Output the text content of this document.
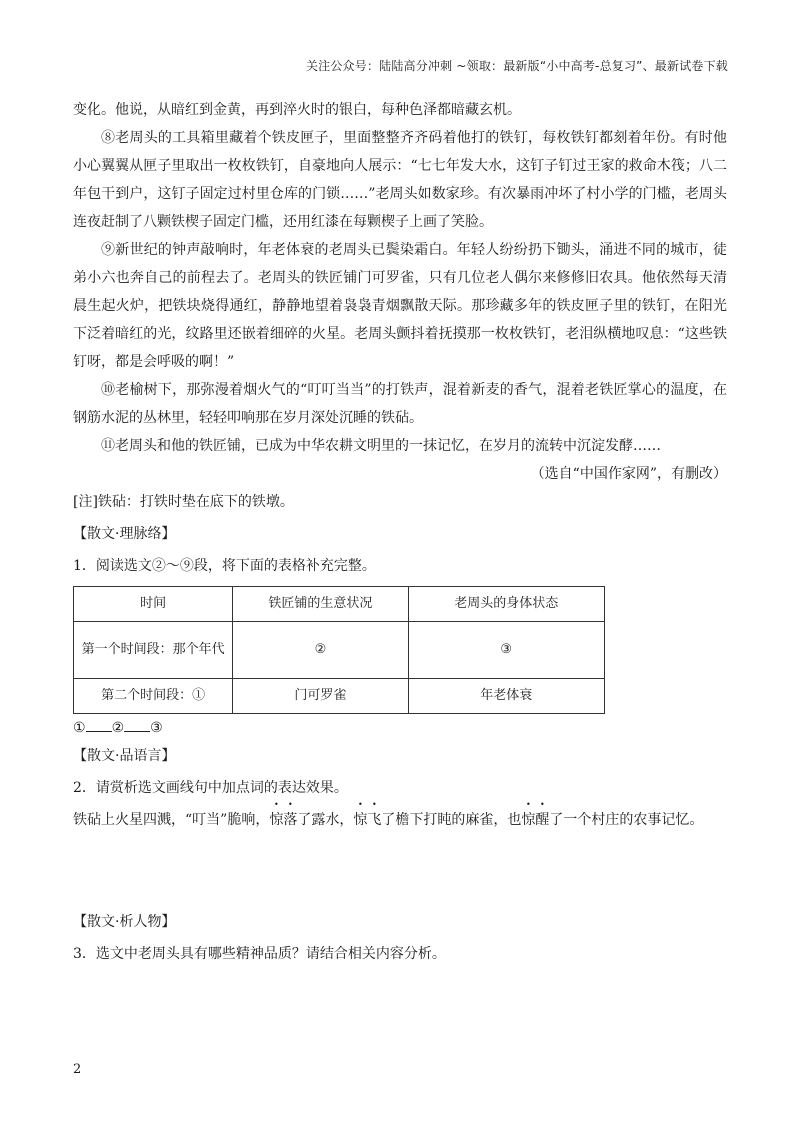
关注公众号：陆陆高分冲刺 ~领取：最新版“小中高考-总复习”、最新试卷下载

变化。他说，从暗红到金黄，再到淬火时的银白，每种色泽都暗藏玄机。

⑧老周头的工具箱里藏着个铁皮匣子，里面整整齐齐码着他打的铁钉，每枚铁钉都刻着年份。有时他小心翼翼从匣子里取出一枚枚铁钉，自豪地向人展示：“七七年发大水，这钉子钉过王家的救命木筏；八二年包干到户，这钉子固定过村里仓库的门锁……”老周头如数家珍。有次暴雨冲坏了村小学的门槛，老周头连夜赶制了八颗铁楔子固定门槛，还用红漆在每颗楔子上画了笑脸。

⑨新世纪的钟声敲响时，年老体衰的老周头已鬓染霜白。年轻人纷纷扔下锄头，涌进不同的城市，徒弟小六也奔自己的前程去了。老周头的铁匠铺门可罗雀，只有几位老人偶尔来修修旧农具。他依然每天清晨生起火炉，把铁块烧得通红，静静地望着袅袅青烟飘散天际。那珍藏多年的铁皮匣子里的铁钉，在阳光下泛着暗红的光，纹路里还嵌着细碎的火星。老周头颤抖着抚摸那一枚枚铁钉，老泪纵横地叹息：“这些铁钉呀，都是会呼吸的啊！”

⑩老榆树下，那弥漫着烟火气的“叮叮当当”的打铁声，混着新麦的香气，混着老铁匠掌心的温度，在钢筋水泥的丛林里，轻轻叩响那在岁月深处沉睡的铁砧。

⑪老周头和他的铁匠铺，已成为中华农耕文明里的一抹记忆，在岁月的流转中沉淀发酵……

（选自“中国作家网”，有删改）

[注]铁砧：打铁时垫在底下的铁墩。

【散文·理脉络】

1．阅读选文②～⑨段，将下面的表格补充完整。

时间	铁匠铺的生意状况	老周头的身体状态
第一个时间段：那个年代	②	③
第二个时间段：①	门可罗雀	年老体衰

① ② ③

【散文·品语言】

2．请赏析选文画线句中加点词的表达效果。

铁砧上火星四溅，“叮当”脆响，惊落了露水，惊飞了檐下打盹的麻雀，也惊醒了一个村庄的农事记忆。

【散文·析人物】

3．选文中老周头具有哪些精神品质？请结合相关内容分析。

2
